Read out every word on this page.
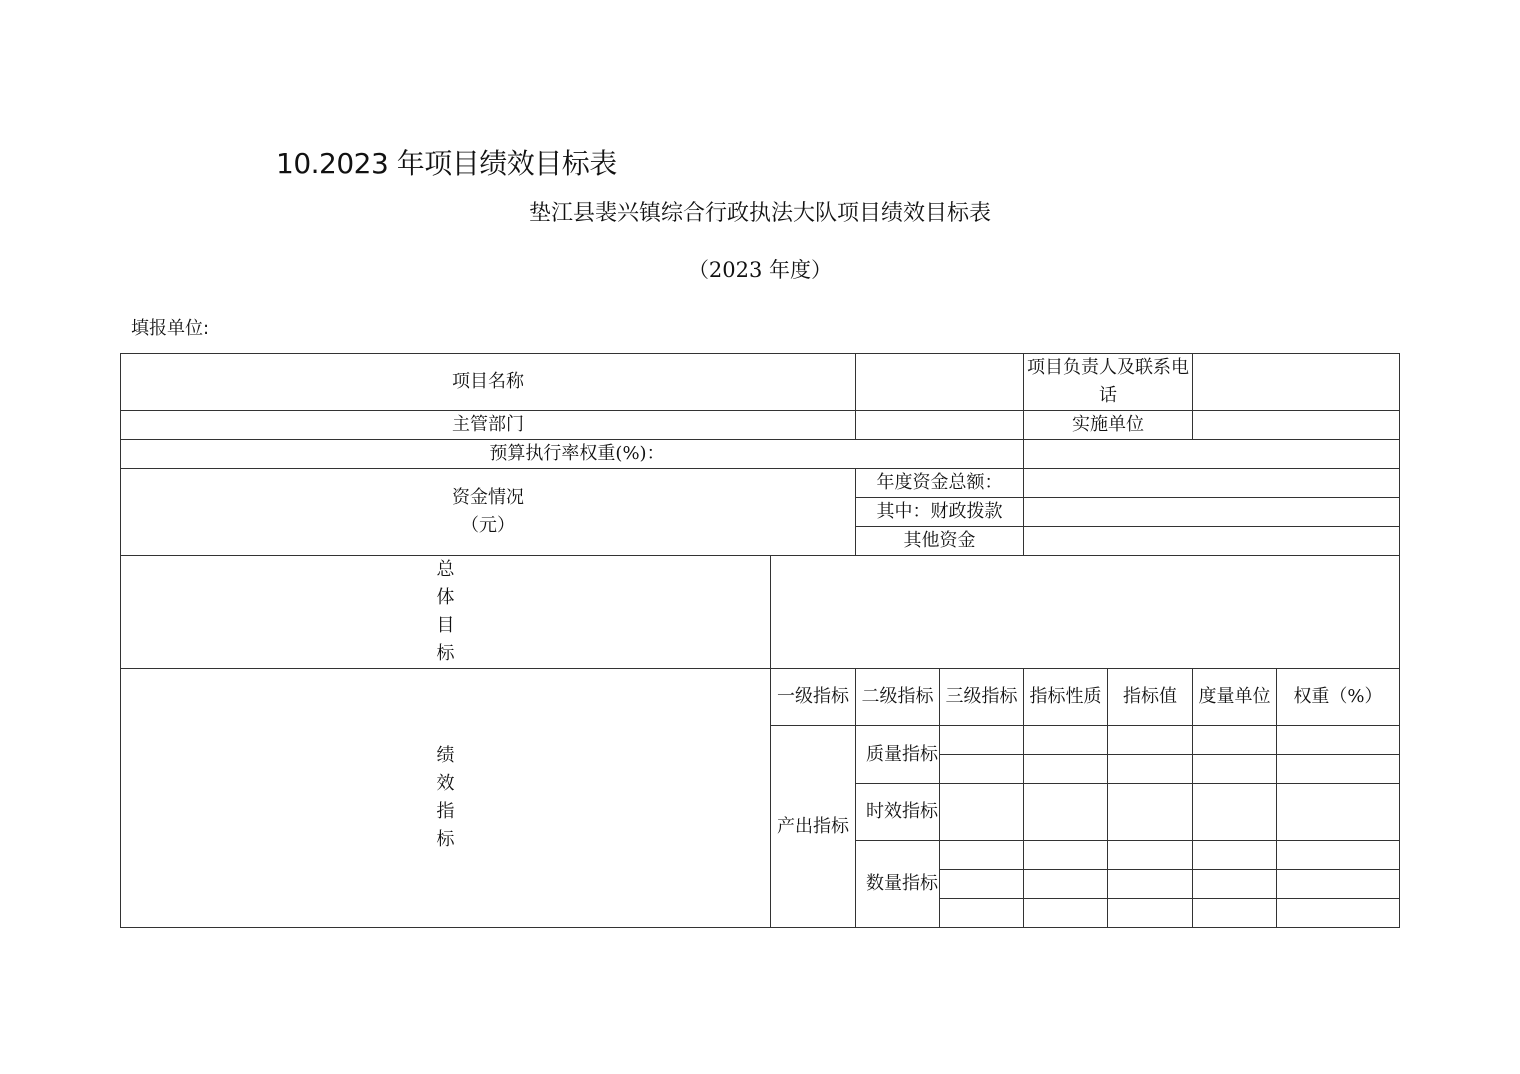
10.2023 年项目绩效目标表
垫江县裴兴镇综合行政执法大队项目绩效目标表
（2023 年度）
填报单位:
项目名称				项目负责人及联系电话			
主管部门				实施单位			
预算执行率权重(%)：							

资金情况
（元）		年度资金总额：					
		其中：财政拨款					
		其他资金					

总
体
目
标							

绩
效
指
标	一级指标	二级指标	三级指标	指标性质	指标值	度量单位	权重（%）
	产出指标	质量指标					

		时效指标					
		数量指标					
